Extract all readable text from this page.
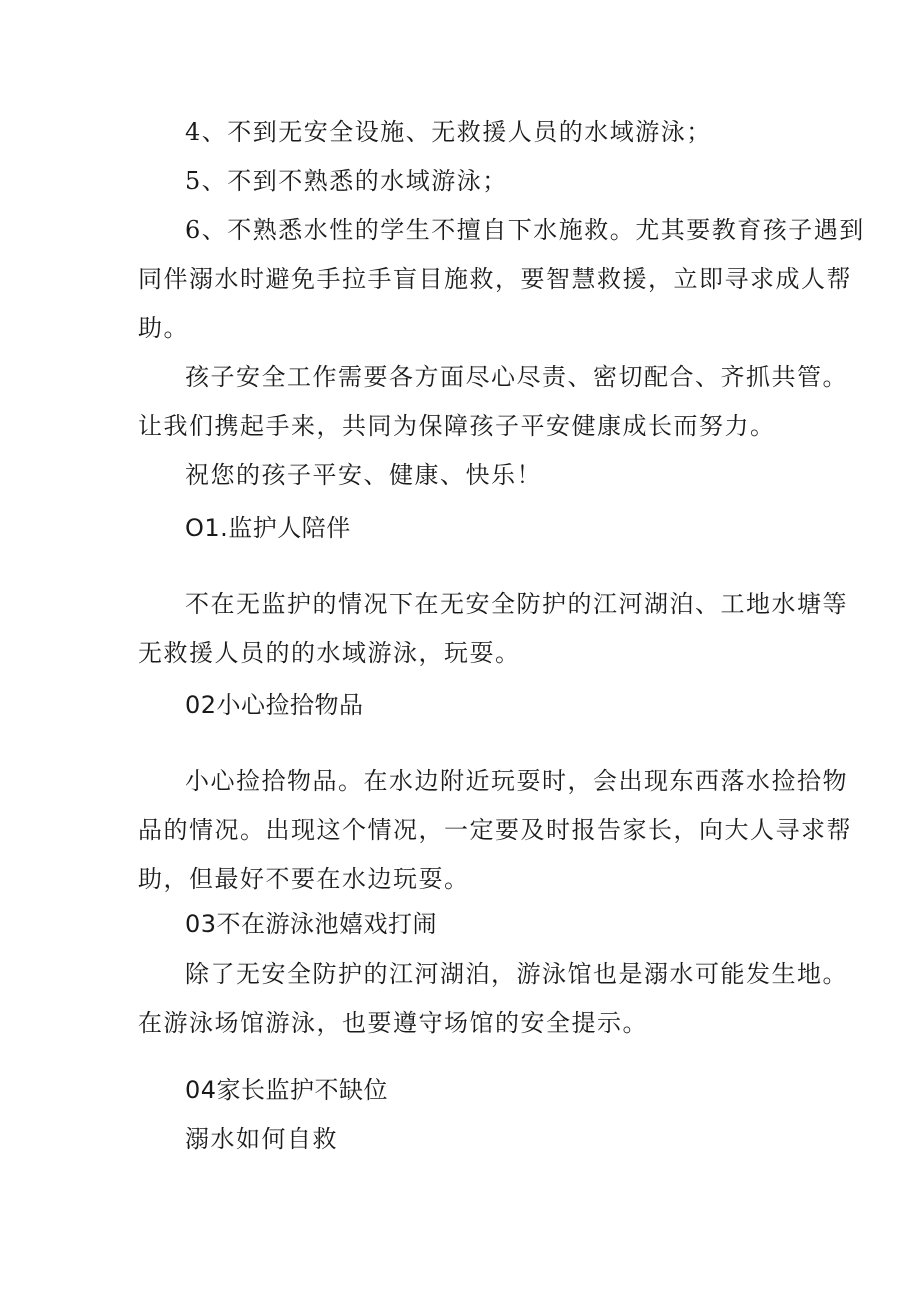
4、不到无安全设施、无救援人员的水域游泳；
5、不到不熟悉的水域游泳；
6、不熟悉水性的学生不擅自下水施救。尤其要教育孩子遇到
同伴溺水时避免手拉手盲目施救，要智慧救援，立即寻求成人帮
助。
孩子安全工作需要各方面尽心尽责、密切配合、齐抓共管。
让我们携起手来，共同为保障孩子平安健康成长而努力。
祝您的孩子平安、健康、快乐！
O1.监护人陪伴
不在无监护的情况下在无安全防护的江河湖泊、工地水塘等
无救援人员的的水域游泳，玩耍。
02小心捡拾物品
小心捡拾物品。在水边附近玩耍时，会出现东西落水捡拾物
品的情况。出现这个情况，一定要及时报告家长，向大人寻求帮
助，但最好不要在水边玩耍。
03不在游泳池嬉戏打闹
除了无安全防护的江河湖泊，游泳馆也是溺水可能发生地。
在游泳场馆游泳，也要遵守场馆的安全提示。
04家长监护不缺位
溺水如何自救
